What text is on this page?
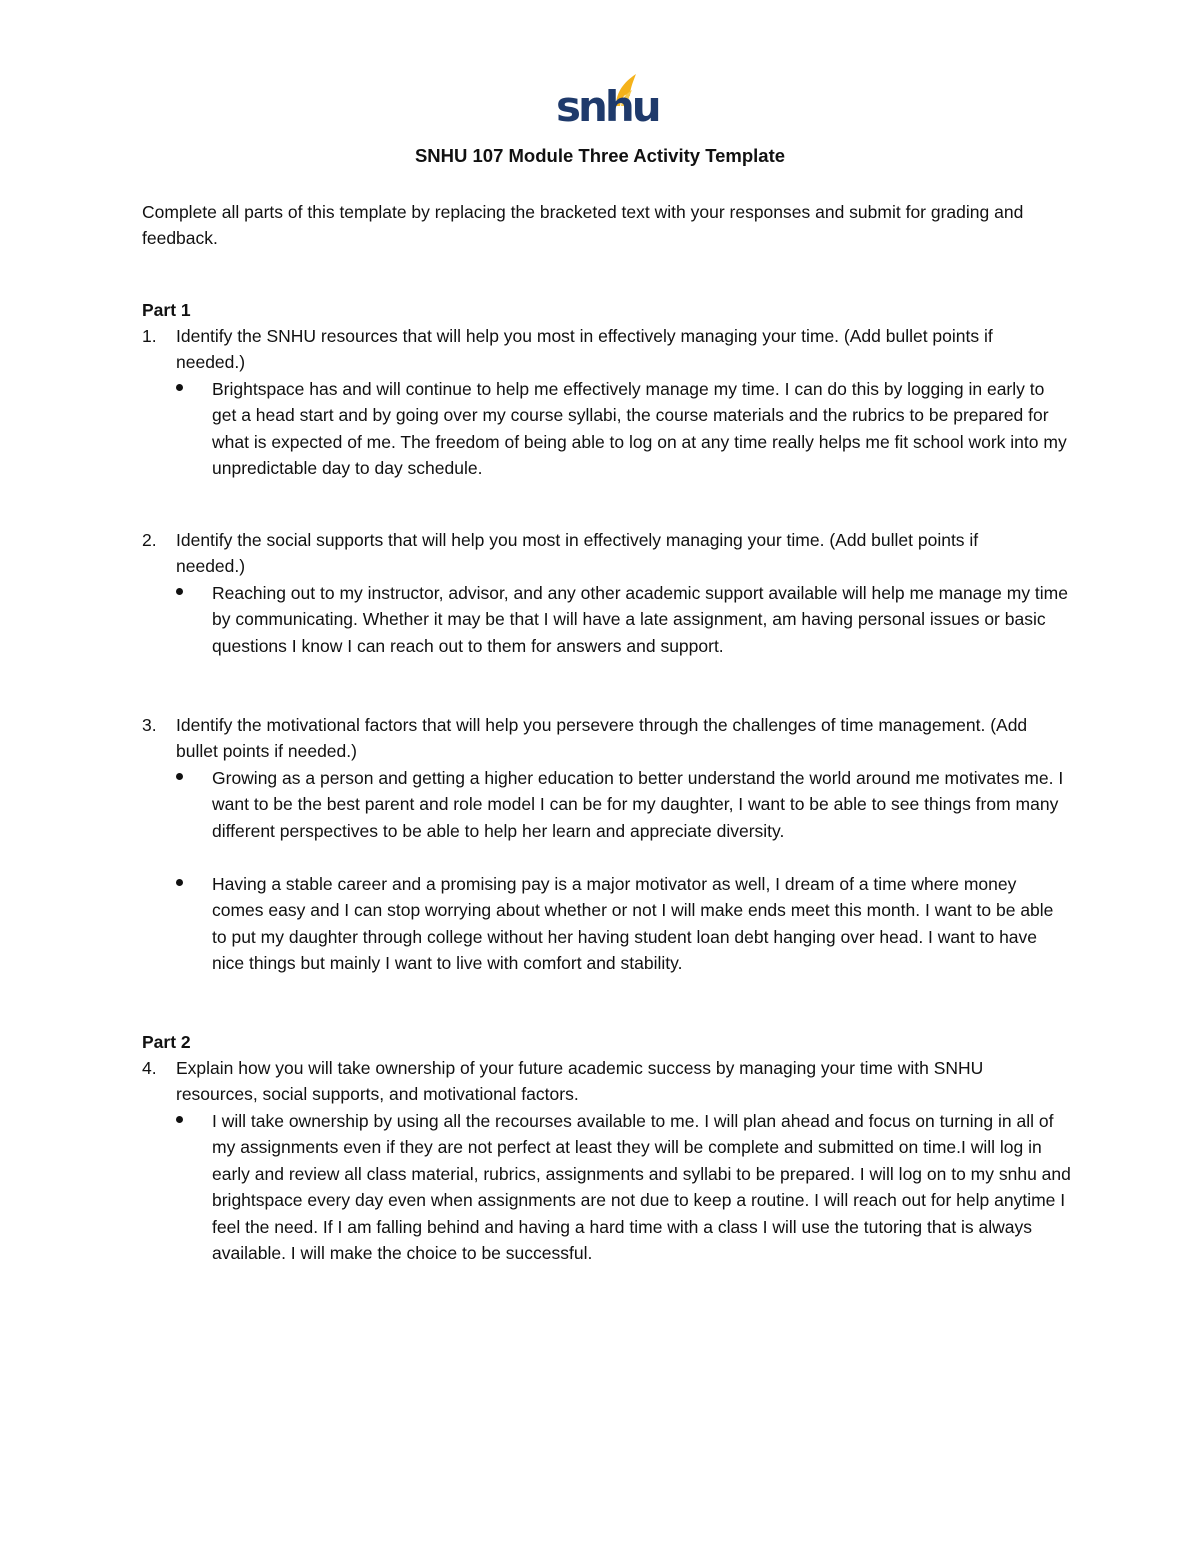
snhu
SNHU 107 Module Three Activity Template
Complete all parts of this template by replacing the bracketed text with your responses and submit for grading and feedback.
Part 1
1. Identify the SNHU resources that will help you most in effectively managing your time. (Add bullet points if needed.)
Brightspace has and will continue to help me effectively manage my time. I can do this by logging in early to get a head start and by going over my course syllabi, the course materials and the rubrics to be prepared for what is expected of me. The freedom of being able to log on at any time really helps me fit school work into my unpredictable day to day schedule.
2. Identify the social supports that will help you most in effectively managing your time. (Add bullet points if needed.)
Reaching out to my instructor, advisor, and any other academic support available will help me manage my time by communicating. Whether it may be that I will have a late assignment, am having personal issues or basic questions I know I can reach out to them for answers and support.
3. Identify the motivational factors that will help you persevere through the challenges of time management. (Add bullet points if needed.)
Growing as a person and getting a higher education to better understand the world around me motivates me. I want to be the best parent and role model I can be for my daughter, I want to be able to see things from many different perspectives to be able to help her learn and appreciate diversity.
Having a stable career and a promising pay is a major motivator as well, I dream of a time where money comes easy and I can stop worrying about whether or not I will make ends meet this month. I want to be able to put my daughter through college without her having student loan debt hanging over head. I want to have nice things but mainly I want to live with comfort and stability.
Part 2
4. Explain how you will take ownership of your future academic success by managing your time with SNHU resources, social supports, and motivational factors.
I will take ownership by using all the recourses available to me. I will plan ahead and focus on turning in all of my assignments even if they are not perfect at least they will be complete and submitted on time.I will log in early and review all class material, rubrics, assignments and syllabi to be prepared. I will log on to my snhu and brightspace every day even when assignments are not due to keep a routine. I will reach out for help anytime I feel the need. If I am falling behind and having a hard time with a class I will use the tutoring that is always available. I will make the choice to be successful.
